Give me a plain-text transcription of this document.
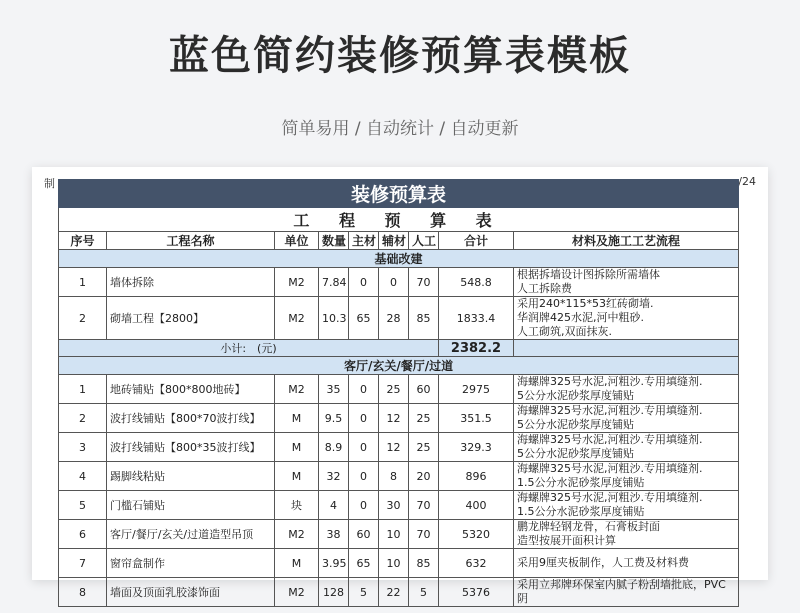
蓝色简约装修预算表模板
简单易用 / 自动统计 / 自动更新
制	/24
装修预算表								
工 程 预 算 表								
序号	工程名称	单位	数量	主材	辅材	人工	合计	材料及施工工艺流程
基础改建								
1	墙体拆除	M2	7.84	0	0	70	548.8	根据拆墙设计图拆除所需墙体
人工拆除费
2	砌墙工程【2800】	M2	10.3	65	28	85	1833.4	采用240*115*53红砖砌墙.
华润牌425水泥,河中粗砂.
人工砌筑,双面抹灰.
小计:　(元)							2382.2	
客厅/玄关/餐厅/过道								
1	地砖铺贴【800*800地砖】	M2	35	0	25	60	2975	海螺牌325号水泥,河粗沙.专用填缝剂.
5公分水泥砂浆厚度铺贴
2	波打线铺贴【800*70波打线】	M	9.5	0	12	25	351.5	海螺牌325号水泥,河粗沙.专用填缝剂.
5公分水泥砂浆厚度铺贴
3	波打线铺贴【800*35波打线】	M	8.9	0	12	25	329.3	海螺牌325号水泥,河粗沙.专用填缝剂.
5公分水泥砂浆厚度铺贴
4	踢脚线粘贴	M	32	0	8	20	896	海螺牌325号水泥,河粗沙.专用填缝剂.
1.5公分水泥砂浆厚度铺贴
5	门槛石铺贴	块	4	0	30	70	400	海螺牌325号水泥,河粗沙.专用填缝剂.
1.5公分水泥砂浆厚度铺贴
6	客厅/餐厅/玄关/过道造型吊顶	M2	38	60	10	70	5320	鹏龙牌轻钢龙骨，石膏板封面
造型按展开面积计算
7	窗帘盒制作	M	3.95	65	10	85	632	采用9厘夹板制作，人工费及材料费
8	墙面及顶面乳胶漆饰面	M2	128	5	22	5	5376	采用立邦牌环保室内腻子粉刮墙批底，PVC阴
